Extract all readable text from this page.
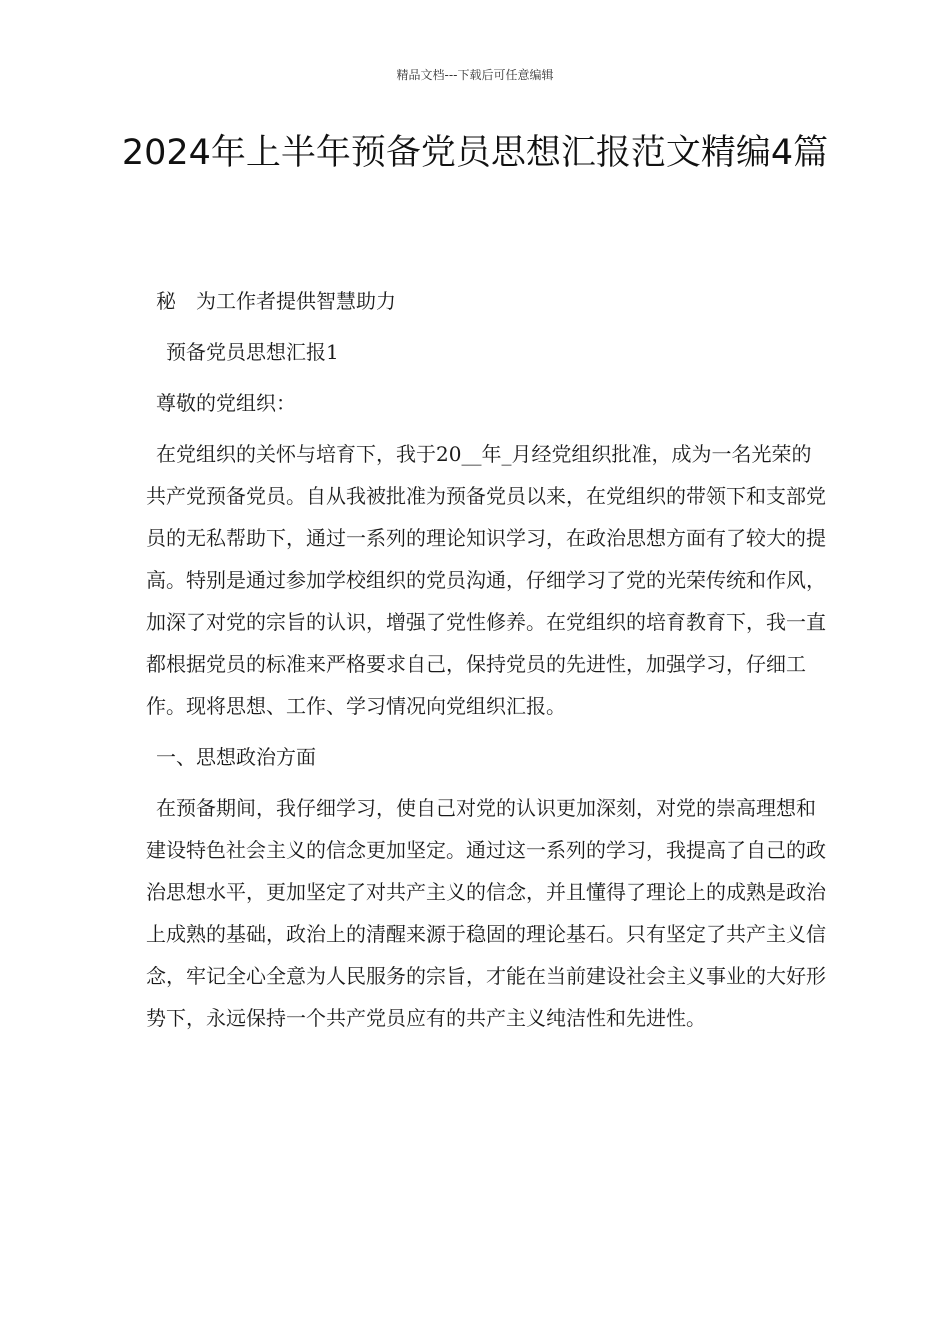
精品文档---下载后可任意编辑
2024年上半年预备党员思想汇报范文精编4篇

秘　为工作者提供智慧助力

预备党员思想汇报1

尊敬的党组织：

在党组织的关怀与培育下，我于20__年_月经党组织批准，成为一名光荣的共产党预备党员。自从我被批准为预备党员以来，在党组织的带领下和支部党员的无私帮助下，通过一系列的理论知识学习，在政治思想方面有了较大的提高。特别是通过参加学校组织的党员沟通，仔细学习了党的光荣传统和作风，加深了对党的宗旨的认识，增强了党性修养。在党组织的培育教育下，我一直都根据党员的标准来严格要求自己，保持党员的先进性，加强学习，仔细工作。现将思想、工作、学习情况向党组织汇报。

一、思想政治方面

在预备期间，我仔细学习，使自己对党的认识更加深刻，对党的崇高理想和建设特色社会主义的信念更加坚定。通过这一系列的学习，我提高了自己的政治思想水平，更加坚定了对共产主义的信念，并且懂得了理论上的成熟是政治上成熟的基础，政治上的清醒来源于稳固的理论基石。只有坚定了共产主义信念，牢记全心全意为人民服务的宗旨，才能在当前建设社会主义事业的大好形势下，永远保持一个共产党员应有的共产主义纯洁性和先进性。
